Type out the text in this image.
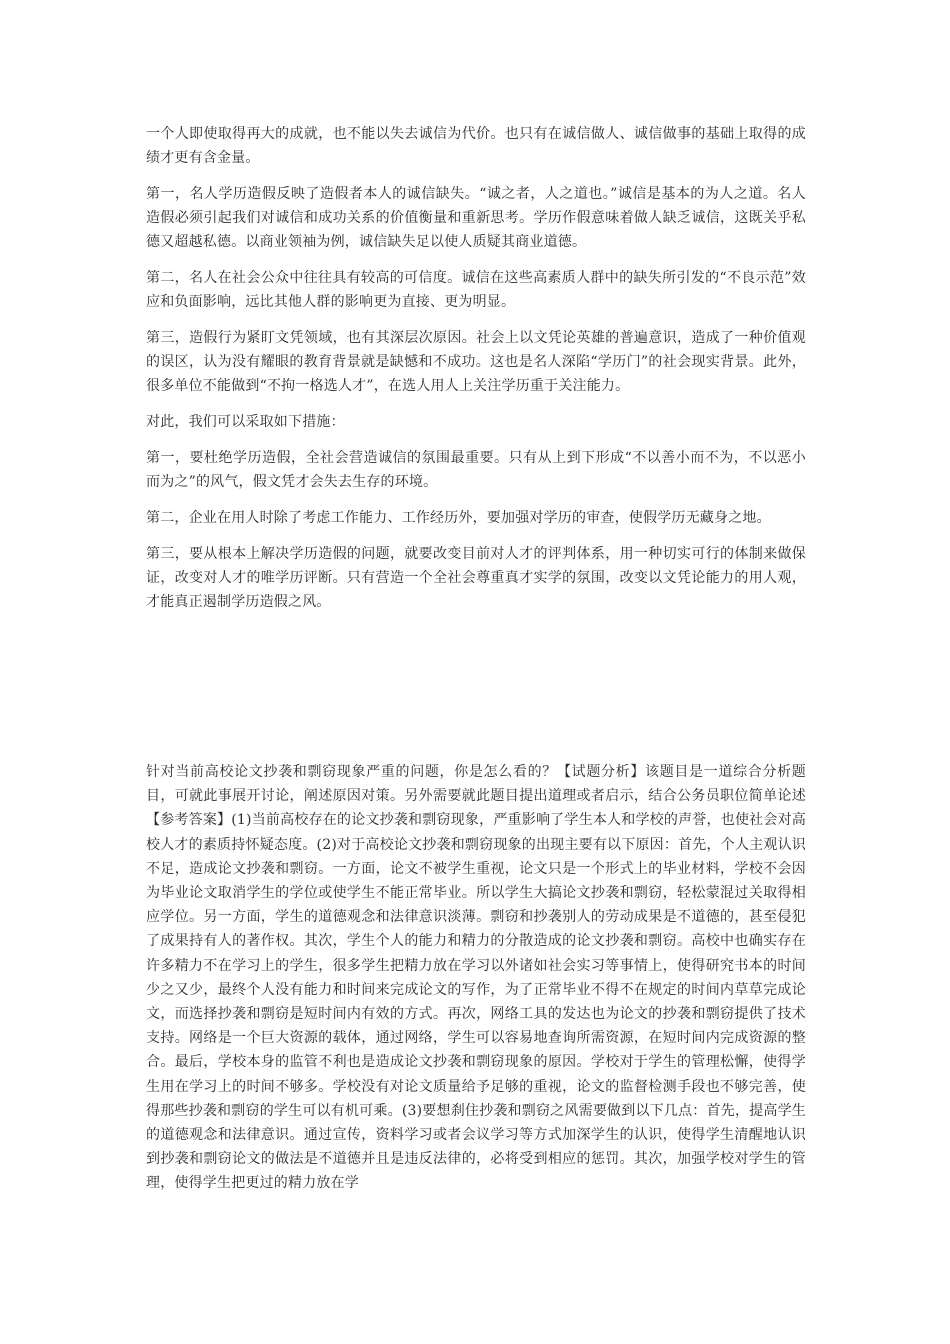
一个人即使取得再大的成就，也不能以失去诚信为代价。也只有在诚信做人、诚信做事的基础上取得的成绩才更有含金量。

第一，名人学历造假反映了造假者本人的诚信缺失。“诚之者，人之道也。”诚信是基本的为人之道。名人造假必须引起我们对诚信和成功关系的价值衡量和重新思考。学历作假意味着做人缺乏诚信，这既关乎私德又超越私德。以商业领袖为例，诚信缺失足以使人质疑其商业道德。

第二，名人在社会公众中往往具有较高的可信度。诚信在这些高素质人群中的缺失所引发的“不良示范”效应和负面影响，远比其他人群的影响更为直接、更为明显。

第三，造假行为紧盯文凭领域，也有其深层次原因。社会上以文凭论英雄的普遍意识，造成了一种价值观的误区，认为没有耀眼的教育背景就是缺憾和不成功。这也是名人深陷“学历门”的社会现实背景。此外，很多单位不能做到“不拘一格选人才”，在选人用人上关注学历重于关注能力。

对此，我们可以采取如下措施：

第一，要杜绝学历造假，全社会营造诚信的氛围最重要。只有从上到下形成“不以善小而不为，不以恶小而为之”的风气，假文凭才会失去生存的环境。

第二，企业在用人时除了考虑工作能力、工作经历外，要加强对学历的审查，使假学历无藏身之地。

第三，要从根本上解决学历造假的问题，就要改变目前对人才的评判体系，用一种切实可行的体制来做保证，改变对人才的唯学历评断。只有营造一个全社会尊重真才实学的氛围，改变以文凭论能力的用人观，才能真正遏制学历造假之风。

针对当前高校论文抄袭和剽窃现象严重的问题，你是怎么看的？【试题分析】该题目是一道综合分析题目，可就此事展开讨论，阐述原因对策。另外需要就此题目提出道理或者启示，结合公务员职位简单论述【参考答案】(1)当前高校存在的论文抄袭和剽窃现象，严重影响了学生本人和学校的声誉，也使社会对高校人才的素质持怀疑态度。(2)对于高校论文抄袭和剽窃现象的出现主要有以下原因：首先，个人主观认识不足，造成论文抄袭和剽窃。一方面，论文不被学生重视，论文只是一个形式上的毕业材料，学校不会因为毕业论文取消学生的学位或使学生不能正常毕业。所以学生大搞论文抄袭和剽窃，轻松蒙混过关取得相应学位。另一方面，学生的道德观念和法律意识淡薄。剽窃和抄袭别人的劳动成果是不道德的，甚至侵犯了成果持有人的著作权。其次，学生个人的能力和精力的分散造成的论文抄袭和剽窃。高校中也确实存在许多精力不在学习上的学生，很多学生把精力放在学习以外诸如社会实习等事情上，使得研究书本的时间少之又少，最终个人没有能力和时间来完成论文的写作，为了正常毕业不得不在规定的时间内草草完成论文，而选择抄袭和剽窃是短时间内有效的方式。再次，网络工具的发达也为论文的抄袭和剽窃提供了技术支持。网络是一个巨大资源的载体，通过网络，学生可以容易地查询所需资源，在短时间内完成资源的整合。最后，学校本身的监管不利也是造成论文抄袭和剽窃现象的原因。学校对于学生的管理松懈，使得学生用在学习上的时间不够多。学校没有对论文质量给予足够的重视，论文的监督检测手段也不够完善，使得那些抄袭和剽窃的学生可以有机可乘。(3)要想刹住抄袭和剽窃之风需要做到以下几点：首先，提高学生的道德观念和法律意识。通过宣传，资料学习或者会议学习等方式加深学生的认识，使得学生清醒地认识到抄袭和剽窃论文的做法是不道德并且是违反法律的，必将受到相应的惩罚。其次，加强学校对学生的管理，使得学生把更过的精力放在学
